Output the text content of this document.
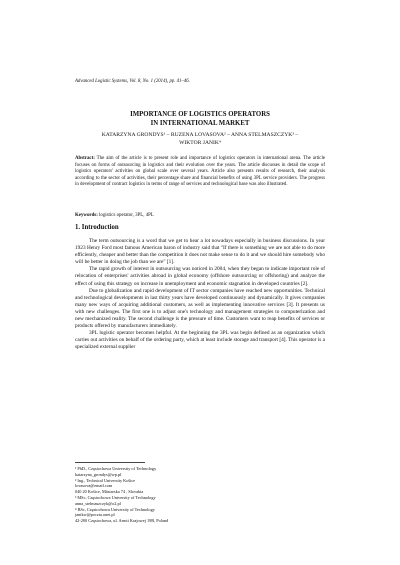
Advanced Logistic Systems, Vol. 8, No. 1 (2014), pp. 41–46.
IMPORTANCE OF LOGISTICS OPERATORS
IN INTERNATIONAL MARKET
KATARZYNA GRONDYS¹ – RUZENA LOVASOVA² – ANNA STELMASZCZYK³ –
WIKTOR JANIK⁴
Abstract: The aim of the article is to present role and importance of logistics operators in international arena. The article focuses on forms of outsourcing in logistics and their evolution over the years. The article discusses in detail the scope of logistics operators' activities on global scale over several years. Article also presents results of research, their analysis according to the sector of activities, their percentage share and financial benefits of using 3PL service providers. The progress in development of contract logistics in terms of range of services and technological base was also illustrated.
Keywords: logistics operator, 3PL, 4PL
1. Introduction

The term outsourcing is a word that we get to hear a lot nowadays especially in business discussions. In year 1923 Henry Ford most famous American baron of industry said that "If there is something we are not able to do more efficiently, cheaper and better than the competition it does not make sense to do it and we should hire somebody who will be better in doing the job than we are" [1].

The rapid growth of interest in outsourcing was noticed in 2004, when they began to indicate important role of relocation of enterprises' activities abroad in global economy (offshore outsourcing or offshoring) and analyze the effect of using this strategy on increase in unemployment and economic stagnation in developed countries [2].

Due to globalization and rapid development of IT sector companies have reached new opportunities. Technical and technological developments in last thirty years have developed continuously and dynamically. It gives companies many new ways of acquiring additional customers, as well as implementing innovative services [3]. It presents us with new challenges. The first one is to adjust one's technology and management strategies to computerization and new mechanized reality. The second challenge is the pressure of time. Customers want to reap benefits of services or products offered by manufacturers immediately.

3PL logistic operator becomes helpful. At the beginning the 3PL was begin defined as an organization which carries out activities on behalf of the ordering party, which at least include storage and transport [4]. This operator is a specialized external supplier

¹ PhD., Częstochowa University of Technology
katarzyna_grondys@wp.pl
² Ing., Technical University Košice
lovasova@email.com
040 20 Košice, Mäsiarska 74 , Slovakia
³ MSc, Częstochowa University of Technology
anna_stelmaszczyk@o2.pl
⁴ BSc, Częstochowa University of Technology
janikw@poczta.onet.pl
42-200 Częstochowa, ul. Armii Krajowej 19B, Poland
